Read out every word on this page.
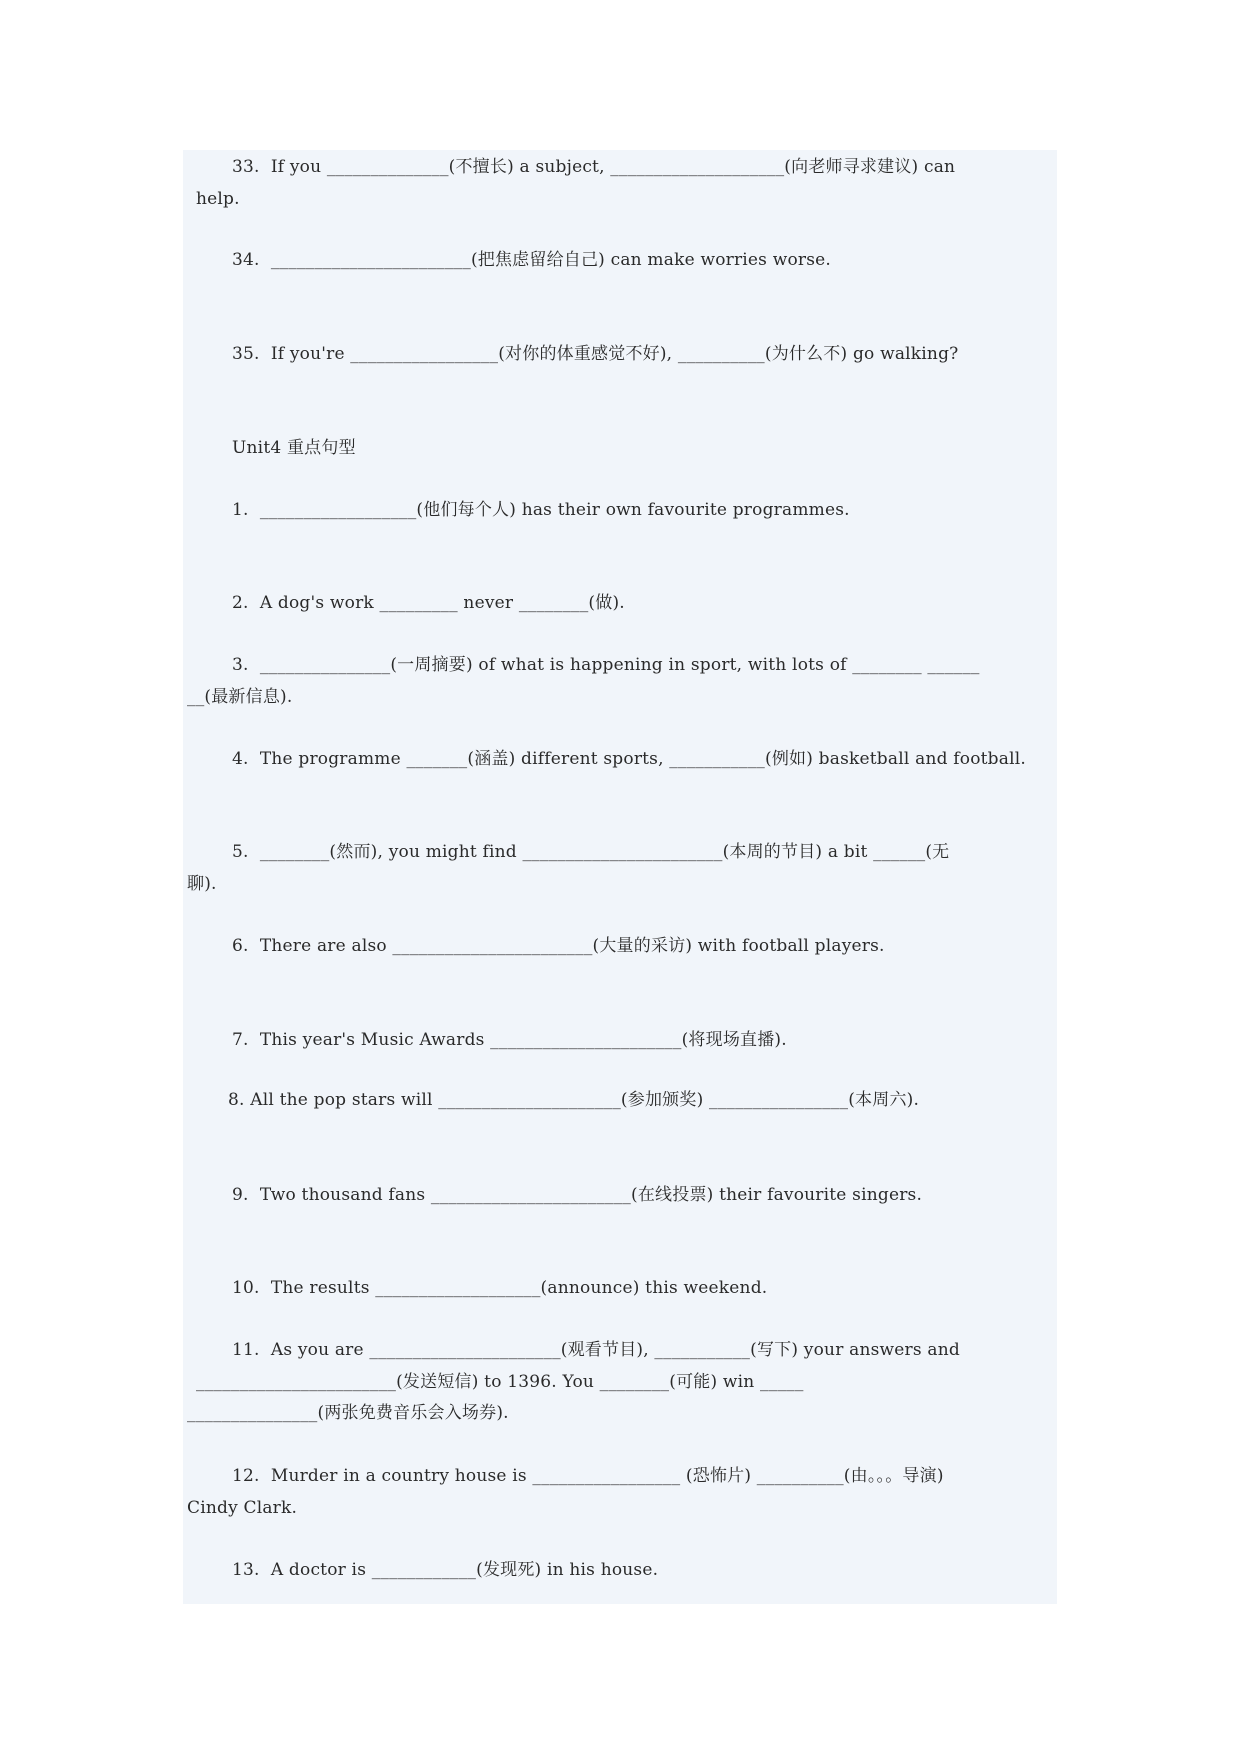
33.  If you ______________(不擅长) a subject, ____________________(向老师寻求建议) can
help.
34.  _______________________(把焦虑留给自己) can make worries worse.
35.  If you're _________________(对你的体重感觉不好), __________(为什么不) go walking?
Unit4 重点句型
1.  __________________(他们每个人) has their own favourite programmes.
2.  A dog's work _________ never ________(做).
3.  _______________(一周摘要) of what is happening in sport, with lots of ________ ______
__(最新信息).
4.  The programme _______(涵盖) different sports, ___________(例如) basketball and football.
5.  ________(然而), you might find _______________________(本周的节目) a bit ______(无
聊).
6.  There are also _______________________(大量的采访) with football players.
7.  This year's Music Awards ______________________(将现场直播).
8. All the pop stars will _____________________(参加颁奖) ________________(本周六).
9.  Two thousand fans _______________________(在线投票) their favourite singers.
10.  The results ___________________(announce) this weekend.
11.  As you are ______________________(观看节目), ___________(写下) your answers and
_______________________(发送短信) to 1396. You ________(可能) win _____
_______________(两张免费音乐会入场券).
12.  Murder in a country house is _________________ (恐怖片) __________(由。。。导演)
Cindy Clark.
13.  A doctor is ____________(发现死) in his house.
